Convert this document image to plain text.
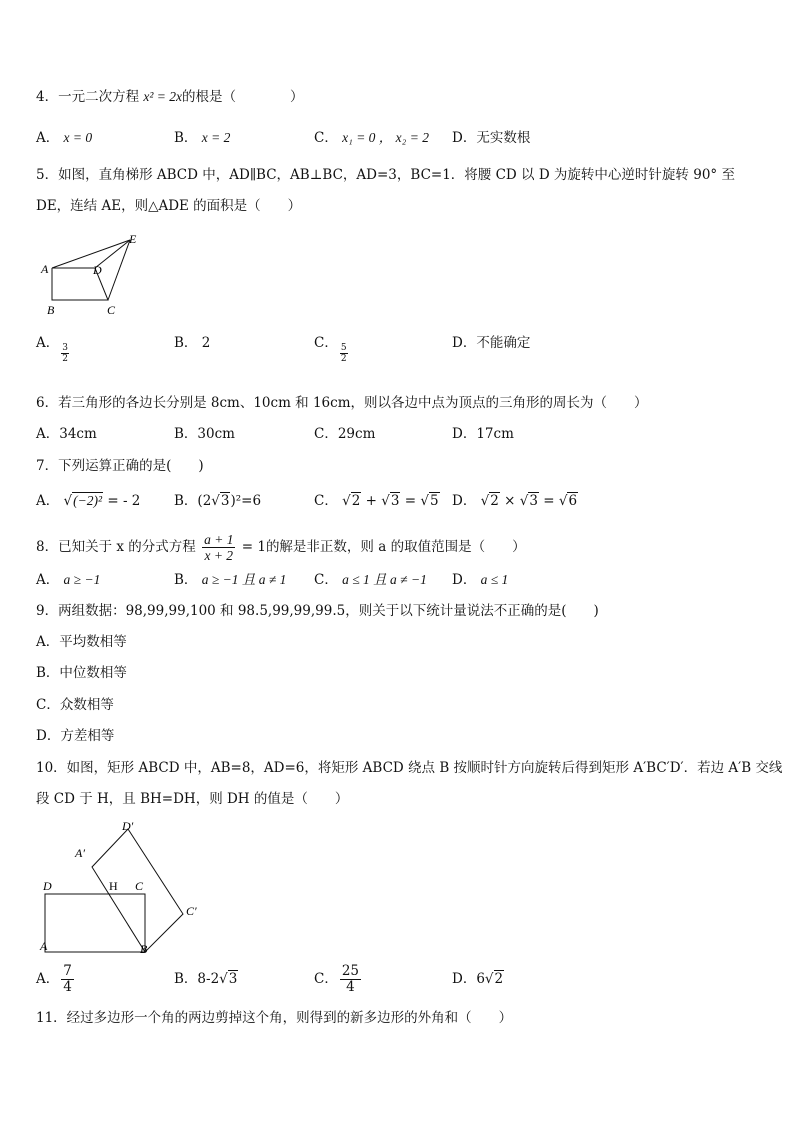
4．一元二次方程 x² = 2x的根是（　　　　）
A． x = 0	B． x = 2	C． x₁ = 0 ， x₂ = 2 D．无实数根
5．如图，直角梯形 ABCD 中，AD∥BC，AB⊥BC，AD=3，BC=1．将腰 CD 以 D 为旋转中心逆时针旋转 90° 至
DE，连结 AE，则△ADE 的面积是（　　）
A
B	C
D
E
A． $\frac{3}{2}$	B． 2	C． $\frac{5}{2}$	D．不能确定
6．若三角形的各边长分别是 8cm、10cm 和 16cm，则以各边中点为顶点的三角形的周长为（　　）
A．34cm	B．30cm	C．29cm	D．17cm
7．下列运算正确的是(　　)
A． √(−2)² = - 2 B．(2√3)²=6	C． √2 + √3 = √5 D． √2 × √3 = √6
8．已知关于 x 的分式方程 $\frac{a + 1}{x + 2} = 1$的解是非正数，则 a 的取值范围是（　　）
A． a ≥ −1	B． a ≥ −1 且 a ≠ 1 C． a ≤ 1 且 a ≠ −1 D． a ≤ 1
9．两组数据：98,99,99,100 和 98.5,99,99,99.5，则关于以下统计量说法不正确的是(　　)
A．平均数相等
B．中位数相等
C．众数相等
D．方差相等
10．如图，矩形 ABCD 中，AB=8，AD=6，将矩形 ABCD 绕点 B 按顺时针方向旋转后得到矩形 A′BC′D′．若边 A′B 交线
段 CD 于 H，且 BH=DH，则 DH 的值是（　　）
A	B
C
D	H
A′
C′
D′
A． $\frac{7}{4}$	B．8-2√3	C． $\frac{25}{4}$	D．6√2
11．经过多边形一个角的两边剪掉这个角，则得到的新多边形的外角和（　　）
